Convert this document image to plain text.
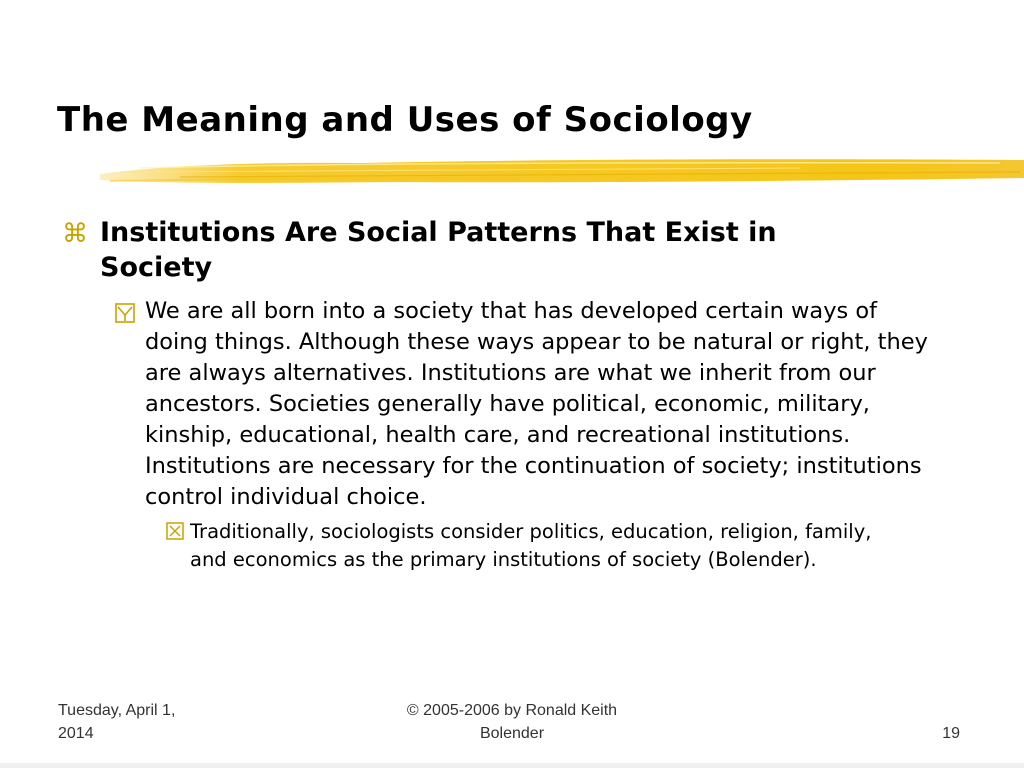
The Meaning and Uses of Sociology
⌘ Institutions Are Social Patterns That Exist in
Society
We are all born into a society that has developed certain ways of doing things. Although these ways appear to be natural or right, they are always alternatives. Institutions are what we inherit from our ancestors. Societies generally have political, economic, military, kinship, educational, health care, and recreational institutions. Institutions are necessary for the continuation of society; institutions control individual choice.
Traditionally, sociologists consider politics, education, religion, family, and economics as the primary institutions of society (Bolender).
Tuesday, April 1,
2014
© 2005-2006 by Ronald Keith
Bolender	19
